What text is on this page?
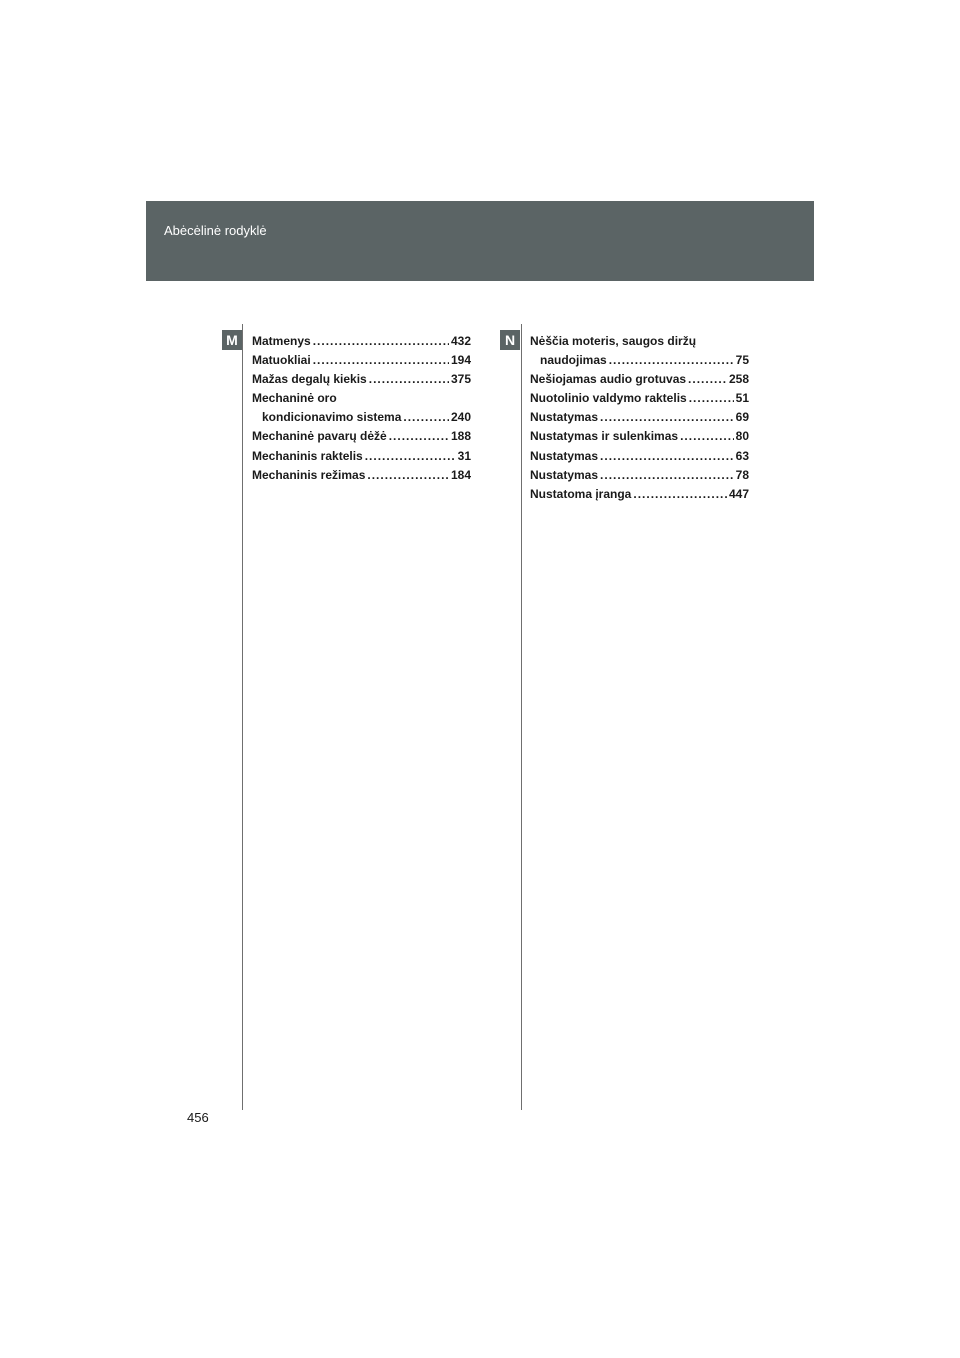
Abėcėlinė rodyklė
M	N
Matmenys .....	432
Matuokliai .....	194
Mažas degalų kiekis .....	375
Mechaninė oro
kondicionavimo sistema .....	240
Mechaninė pavarų dėžė .....	188
Mechaninis raktelis .....	31
Mechaninis režimas .....	184
Nėščia moteris, saugos diržų
naudojimas .....	75
Nešiojamas audio grotuvas .....	258
Nuotolinio valdymo raktelis .....	51
Nustatymas .....	69
Nustatymas ir sulenkimas .....	80
Nustatymas .....	63
Nustatymas .....	78
Nustatoma įranga .....	447
456
